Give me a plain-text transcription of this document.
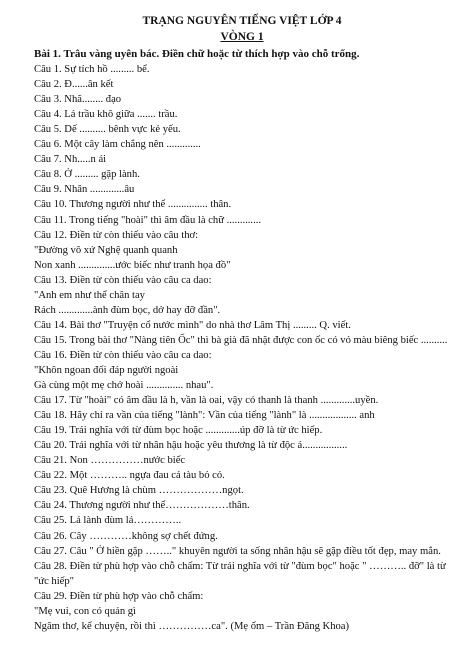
TRẠNG NGUYÊN TIẾNG VIỆT LỚP 4

VÒNG 1

Bài 1. Trâu vàng uyên bác. Điền chữ hoặc từ thích hợp vào chỗ trống.

Câu 1. Sự tích hồ ......... bể.

Câu 2. Đ......ân kết

Câu 3. Nhã........ đạo

Câu 4. Lá trầu khô giữa ....... trầu.

Câu 5. Dế .......... bênh vực kẻ yếu.

Câu 6. Một cây làm chẳng nên .............

Câu 7. Nh.....n ái

Câu 8. Ở ......... gặp lành.

Câu 9. Nhân .............âu

Câu 10. Thương người như thể ............... thân.

Câu 11. Trong tiếng "hoài" thì âm đầu là chữ .............

Câu 12. Điền từ còn thiếu vào câu thơ:

"Đường vô xứ Nghệ quanh quanh

Non xanh ..............ước biếc như tranh họa đồ"

Câu 13. Điền từ còn thiếu vào câu ca dao:

"Anh em như thể chân tay

Rách .............ành đùm bọc, dở hay đỡ đần".

Câu 14. Bài thơ "Truyện cổ nước mình" do nhà thơ Lâm Thị ......... Q. viết.

Câu 15. Trong bài thơ "Nàng tiên Ốc" thì bà già đã nhặt được con ốc có vỏ màu biêng biếc ..........

Câu 16. Điền từ còn thiếu vào câu ca dao:

"Khôn ngoan đối đáp người ngoài

Gà cùng một mẹ chớ hoài .............. nhau".

Câu 17. Từ "hoài" có âm đầu là h, vần là oai, vậy có thanh là thanh .............uyền.

Câu 18. Hãy chỉ ra vần của tiếng "lành": Vần của tiếng "lành" là .................. anh

Câu 19. Trái nghĩa với từ đùm bọc hoặc .............úp đỡ là từ ức hiếp.

Câu 20. Trái nghĩa với từ nhân hậu hoặc yêu thương là từ độc á.................

Câu 21. Non ……………nước biếc

Câu 22. Một ……….. ngựa đau cả tàu bỏ cỏ.

Câu 23. Quê Hương là chùm ………………ngọt.

Câu 24. Thương người như thể………………thân.

Câu 25. Lá lành đùm lá…………..

Câu 26. Cây …………không sợ chết đứng.

Câu 27. Câu " Ở hiền gặp …….." khuyên người ta sống nhân hậu sẽ gặp điều tốt đẹp, may mắn.

Câu 28. Điền từ phù hợp vào chỗ chấm: Từ trái nghĩa với từ "đùm bọc" hoặc " ……….. đỡ" là từ "ức hiếp"

Câu 29. Điền từ phù hợp vào chỗ chấm:

"Mẹ vui, con có quản gì

Ngâm thơ, kể chuyện, rồi thì ……………ca". (Mẹ ốm – Trần Đăng Khoa)
